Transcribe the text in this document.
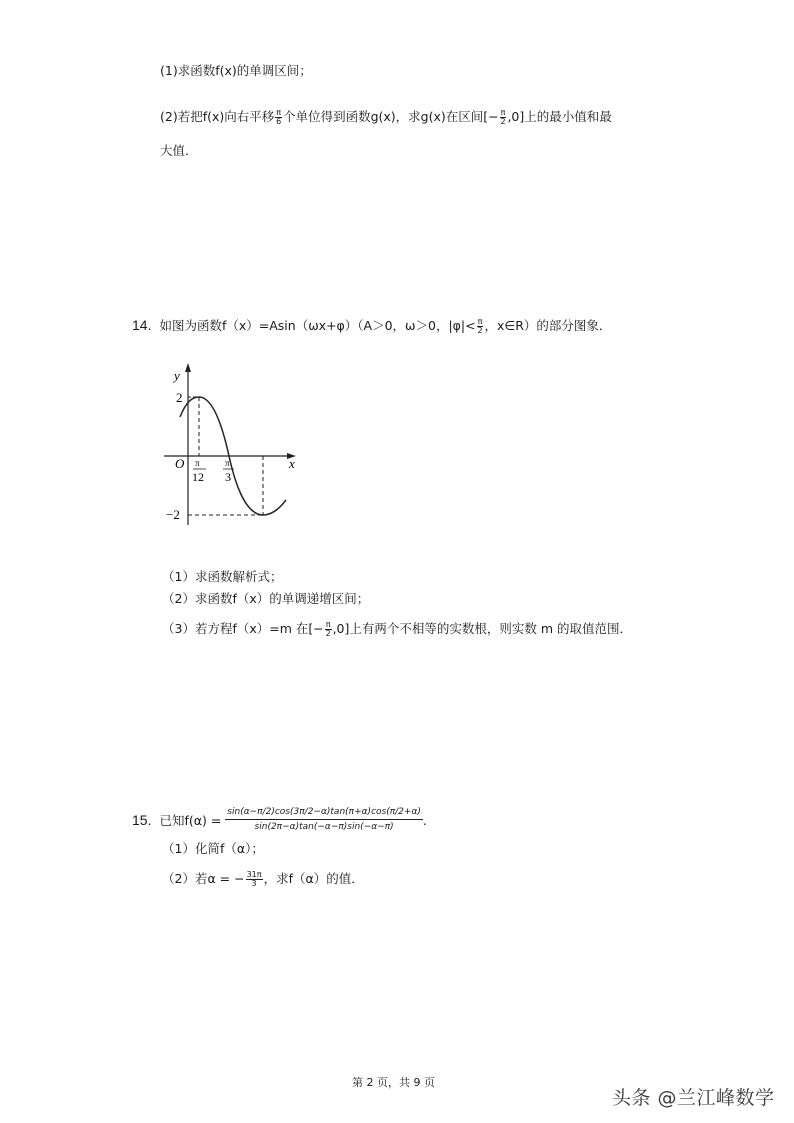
(1)求函数f(x)的单调区间；
(2)若把f(x)向右平移 $\frac{\pi}{6}$ 个单位得到函数g(x)，求g(x)在区间[− $\frac{\pi}{2} ,0$]上的最小值和最
大值．
14. 如图为函数f（x）=Asin（ωx+φ）（A＞0，ω＞0，$|\varphi|< \frac{\pi}{2}$ ，x∈R）的部分图象．
y
x
O
2
−2
π
12
π
3
（1）求函数解析式；
（2）求函数f（x）的单调递增区间；
（3）若方程f（x）=m 在[− $\frac{\pi}{2} ,0$]上有两个不相等的实数根，则实数 m 的取值范围．
15. 已知$f(\alpha) = \frac{\sin(\alpha-\pi/2)\cos(3\pi/2-\alpha)\tan(\pi+\alpha)\cos(\pi/2+\alpha)}{\sin(2\pi-\alpha)\tan(-\alpha-\pi)\sin(-\alpha-\pi)}$ .
（1）化简f（α）；
（2）若α = − $\frac{31\pi}{3}$ ，求f（α）的值．
第 2 页，共 9 页
头条 @兰江峰数学
